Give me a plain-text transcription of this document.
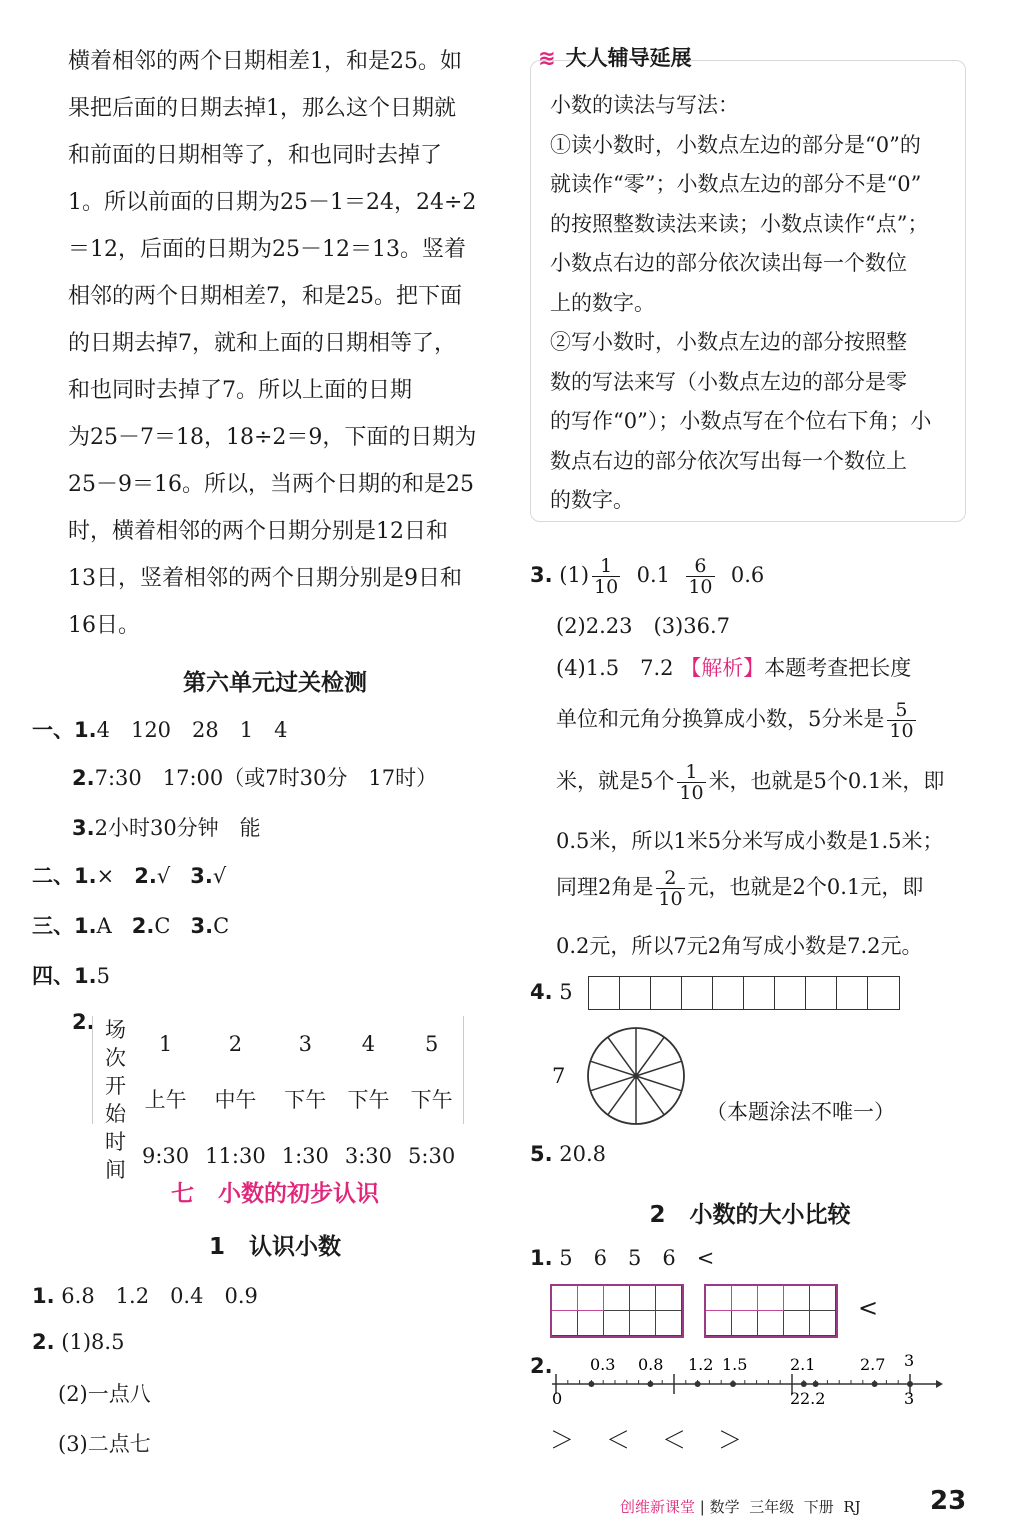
横着相邻的两个日期相差1，和是25。如
果把后面的日期去掉1，那么这个日期就
和前面的日期相等了，和也同时去掉了
1。所以前面的日期为25－1＝24，24÷2
＝12，后面的日期为25－12＝13。竖着
相邻的两个日期相差7，和是25。把下面
的日期去掉7，就和上面的日期相等了，
和也同时去掉了7。所以上面的日期
为25－7＝18，18÷2＝9，下面的日期为
25－9＝16。所以，当两个日期的和是25
时，横着相邻的两个日期分别是12日和
13日，竖着相邻的两个日期分别是9日和
16日。
第六单元过关检测
一、1.4　120　28　1　4
2.7:30　17:00（或7时30分　17时）
3.2小时30分钟　能
二、1.× 2.√ 3.√
三、1.A 2.C 3.C
四、1.5
2. 场次	1	2	3	4	5
开始	上午	中午	下午	下午	下午
时间	9:30	11:30	1:30	3:30	5:30
七 小数的初步认识
1 认识小数
1. 6.8　1.2　0.4　0.9
2. (1)8.5
(2)一点八
(3)二点七
≋ 大人辅导延展
小数的读法与写法：
①读小数时，小数点左边的部分是“0”的
就读作“零”；小数点左边的部分不是“0”
的按照整数读法来读；小数点读作“点”；
小数点右边的部分依次读出每一个数位
上的数字。
②写小数时，小数点左边的部分按照整
数的写法来写（小数点左边的部分是零
的写作“0”）；小数点写在个位右下角；小
数点右边的部分依次写出每一个数位上
的数字。
3. $(1) \frac{1}{10} 0.1 \frac{6}{10} 0.6$
(2)2.23　(3)36.7
(4)1.5　7.2 【解析】本题考查把长度
单位和元角分换算成小数，5分米是 $\frac{5}{10}$
米，就是5个 $\frac{1}{10}$ 米，也就是5个0.1米，即
0.5米，所以1米5分米写成小数是1.5米；
同理2角是 $\frac{2}{10}$ 元，也就是2个0.1元，即
0.2元，所以7元2角写成小数是7.2元。
4. 5
7
（本题涂法不唯一）
5. 20.8
2 小数的大小比较
1. 5　6　5　6　<
<
2. 0.3 0.8 1.2 1.5	2.1	2.7 3
0	2 2.2	3
＞　＜　＜　＞
创维新课堂 | 数学 三年级 下册 RJ	23
